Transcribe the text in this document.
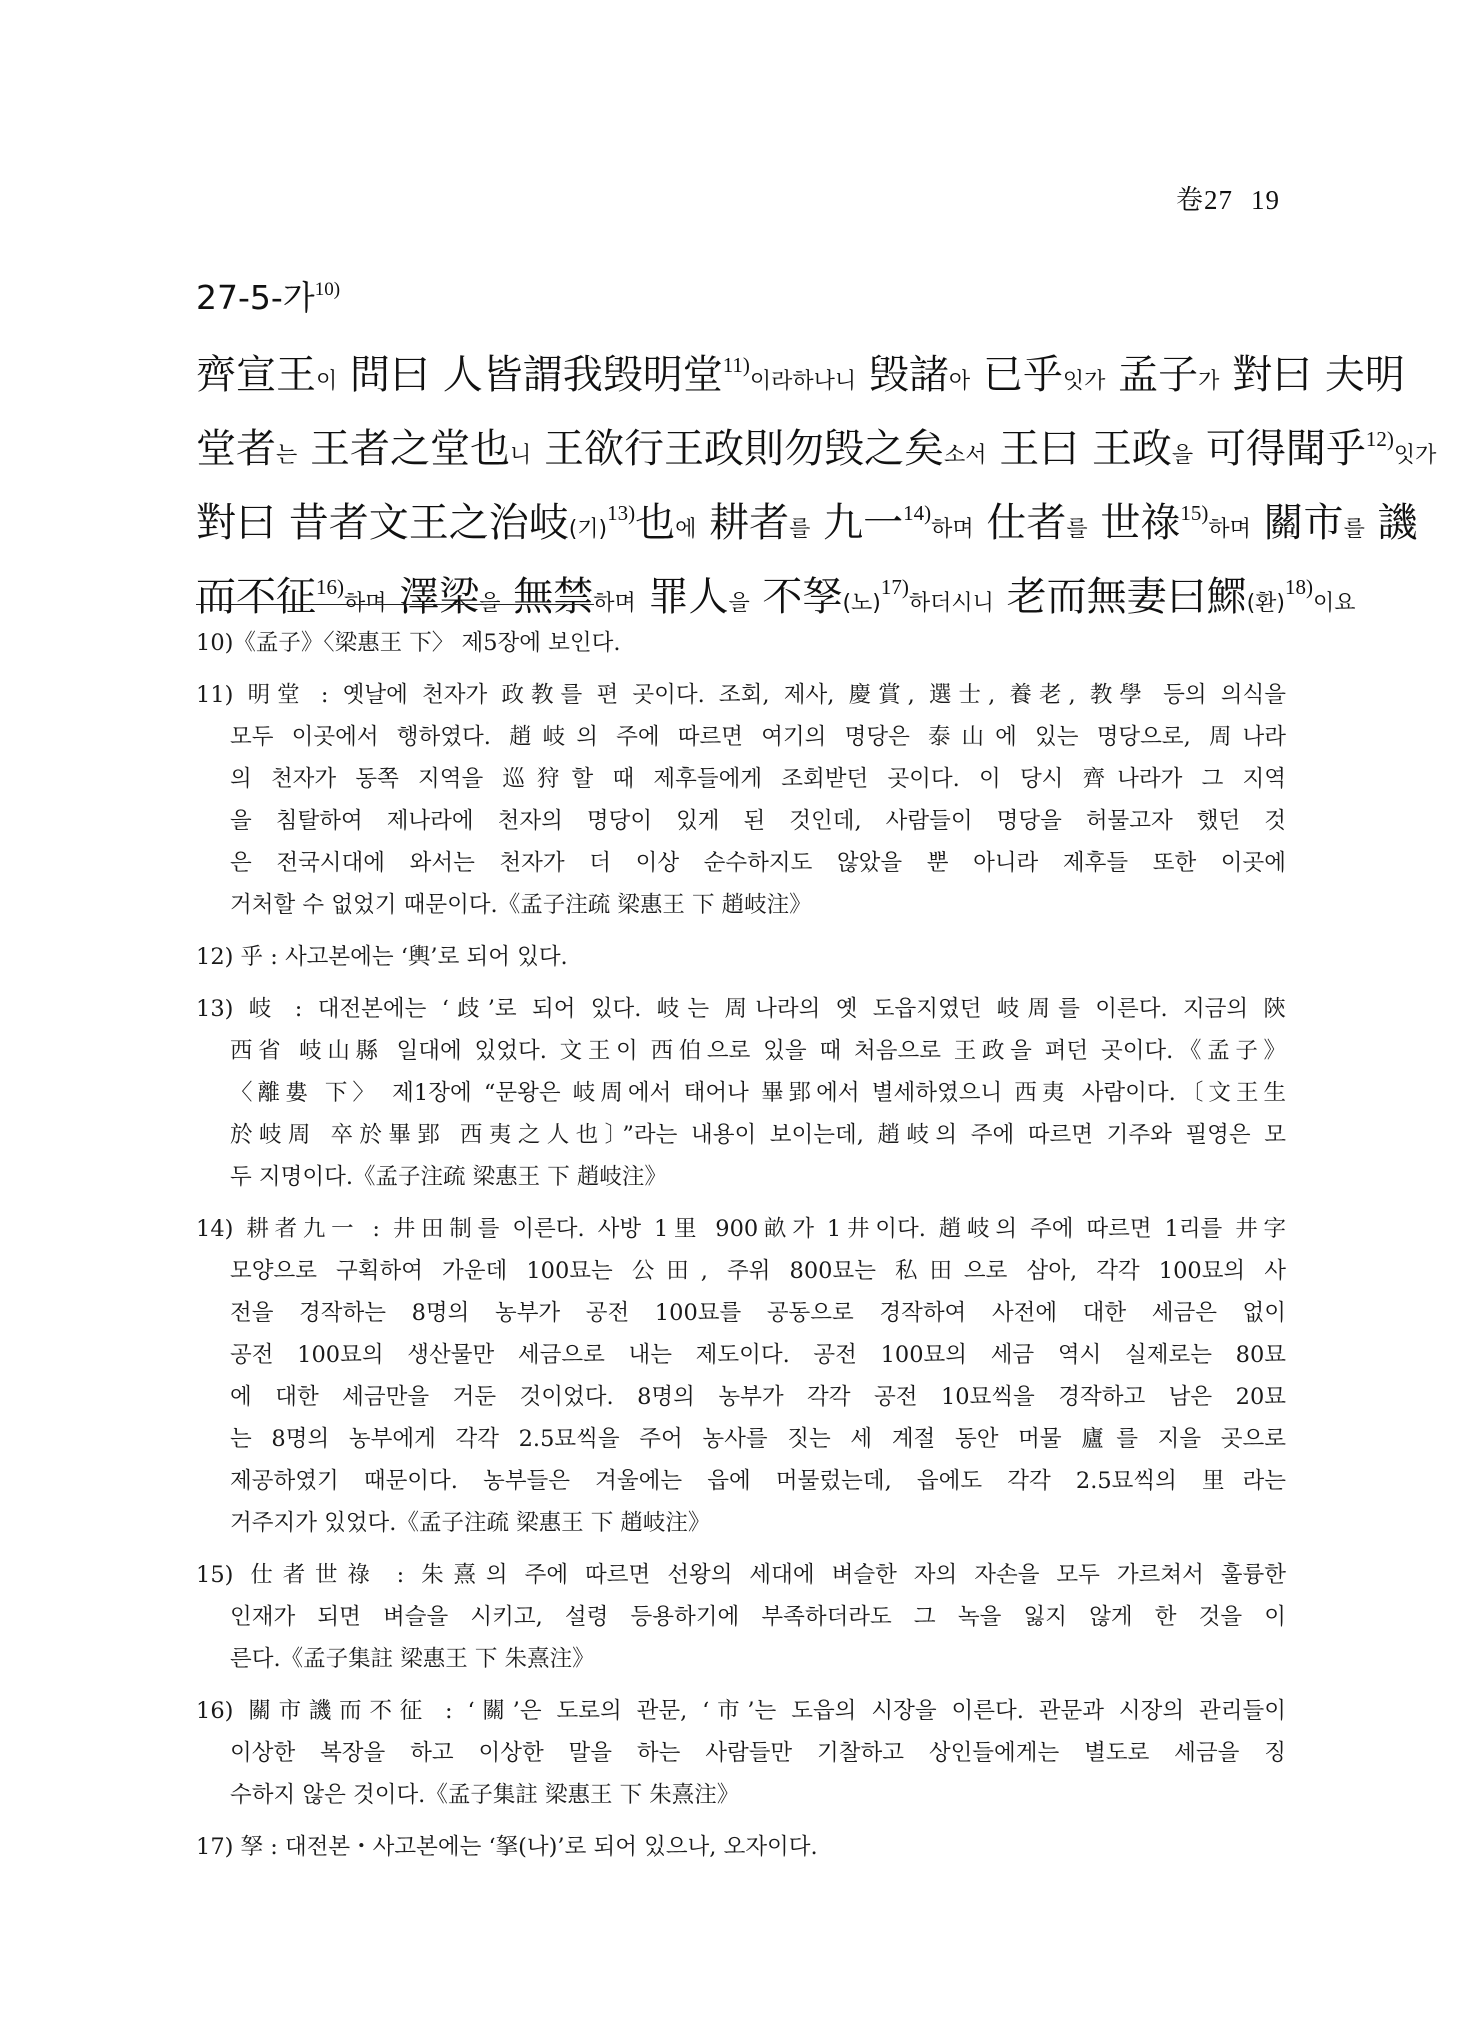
卷27 19
27-5-가$^{10)}$
齊宣王이 問曰 人皆謂我毁明堂$^{11)}$이라하나니 毁諸아 已乎잇가 孟子가 對曰 夫明
堂者는 王者之堂也니 王欲行王政則勿毁之矣소서 王曰 王政을 可得聞乎$^{12)}$잇가
對曰 昔者文王之治岐(기)$^{13)}$也에 耕者를 九一$^{14)}$하며 仕者를 世祿$^{15)}$하며 關市를 譏
而不征$^{16)}$하며 澤梁을 無禁하며 罪人을 不孥(노)$^{17)}$하더시니 老而無妻曰鰥(환)$^{18)}$이요
10)《孟子》〈梁惠王 下〉 제5장에 보인다.
11) 明堂 : 옛날에 천자가 政教를 편 곳이다. 조회, 제사, 慶賞, 選士, 養老, 教學 등의 의식을
모두 이곳에서 행하였다. 趙岐의 주에 따르면 여기의 명당은 泰山에 있는 명당으로, 周나라
의 천자가 동쪽 지역을 巡狩할 때 제후들에게 조회받던 곳이다. 이 당시 齊나라가 그 지역
을 침탈하여 제나라에 천자의 명당이 있게 된 것인데, 사람들이 명당을 허물고자 했던 것
은 전국시대에 와서는 천자가 더 이상 순수하지도 않았을 뿐 아니라 제후들 또한 이곳에
거처할 수 없었기 때문이다.《孟子注疏 梁惠王 下 趙岐注》
12) 乎 : 사고본에는 ‘輿’로 되어 있다.
13) 岐 : 대전본에는 ‘歧’로 되어 있다. 岐는 周나라의 옛 도읍지였던 岐周를 이른다. 지금의 陝
西省 岐山縣 일대에 있었다. 文王이 西伯으로 있을 때 처음으로 王政을 펴던 곳이다.《孟子》
〈離婁 下〉 제1장에 “문왕은 岐周에서 태어나 畢郢에서 별세하였으니 西夷 사람이다.〔文王生
於岐周 卒於畢郢 西夷之人也〕”라는 내용이 보이는데, 趙岐의 주에 따르면 기주와 필영은 모
두 지명이다.《孟子注疏 梁惠王 下 趙岐注》
14) 耕者九一 : 井田制를 이른다. 사방 1里 900畝가 1井이다. 趙岐의 주에 따르면 1리를 井字
모양으로 구획하여 가운데 100묘는 公田, 주위 800묘는 私田으로 삼아, 각각 100묘의 사
전을 경작하는 8명의 농부가 공전 100묘를 공동으로 경작하여 사전에 대한 세금은 없이
공전 100묘의 생산물만 세금으로 내는 제도이다. 공전 100묘의 세금 역시 실제로는 80묘
에 대한 세금만을 거둔 것이었다. 8명의 농부가 각각 공전 10묘씩을 경작하고 남은 20묘
는 8명의 농부에게 각각 2.5묘씩을 주어 농사를 짓는 세 계절 동안 머물 廬를 지을 곳으로
제공하였기 때문이다. 농부들은 겨울에는 읍에 머물렀는데, 읍에도 각각 2.5묘씩의 里라는
거주지가 있었다.《孟子注疏 梁惠王 下 趙岐注》
15) 仕者世祿 : 朱熹의 주에 따르면 선왕의 세대에 벼슬한 자의 자손을 모두 가르쳐서 훌륭한
인재가 되면 벼슬을 시키고, 설령 등용하기에 부족하더라도 그 녹을 잃지 않게 한 것을 이
른다.《孟子集註 梁惠王 下 朱熹注》
16) 關市譏而不征 : ‘關’은 도로의 관문, ‘市’는 도읍의 시장을 이른다. 관문과 시장의 관리들이
이상한 복장을 하고 이상한 말을 하는 사람들만 기찰하고 상인들에게는 별도로 세금을 징
수하지 않은 것이다.《孟子集註 梁惠王 下 朱熹注》
17) 孥 : 대전본・사고본에는 ‘拏(나)’로 되어 있으나, 오자이다.
